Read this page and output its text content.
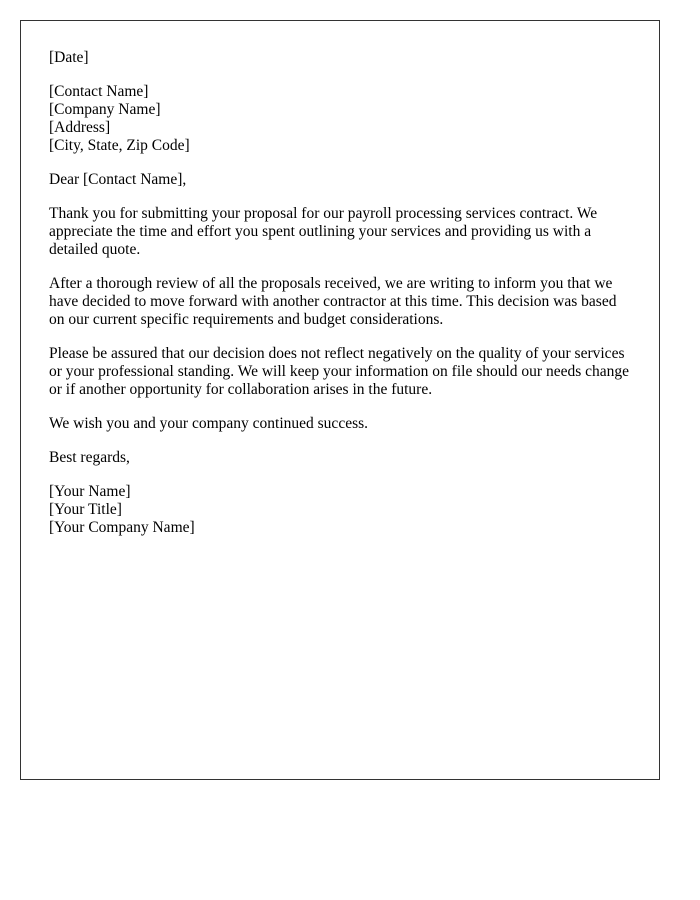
[Date]
[Contact Name]
[Company Name]
[Address]
[City, State, Zip Code]

Dear [Contact Name],

Thank you for submitting your proposal for our payroll processing services contract. We appreciate the time and effort you spent outlining your services and providing us with a detailed quote.

After a thorough review of all the proposals received, we are writing to inform you that we have decided to move forward with another contractor at this time. This decision was based on our current specific requirements and budget considerations.

Please be assured that our decision does not reflect negatively on the quality of your services or your professional standing. We will keep your information on file should our needs change or if another opportunity for collaboration arises in the future.

We wish you and your company continued success.

Best regards,

[Your Name]
[Your Title]
[Your Company Name]
